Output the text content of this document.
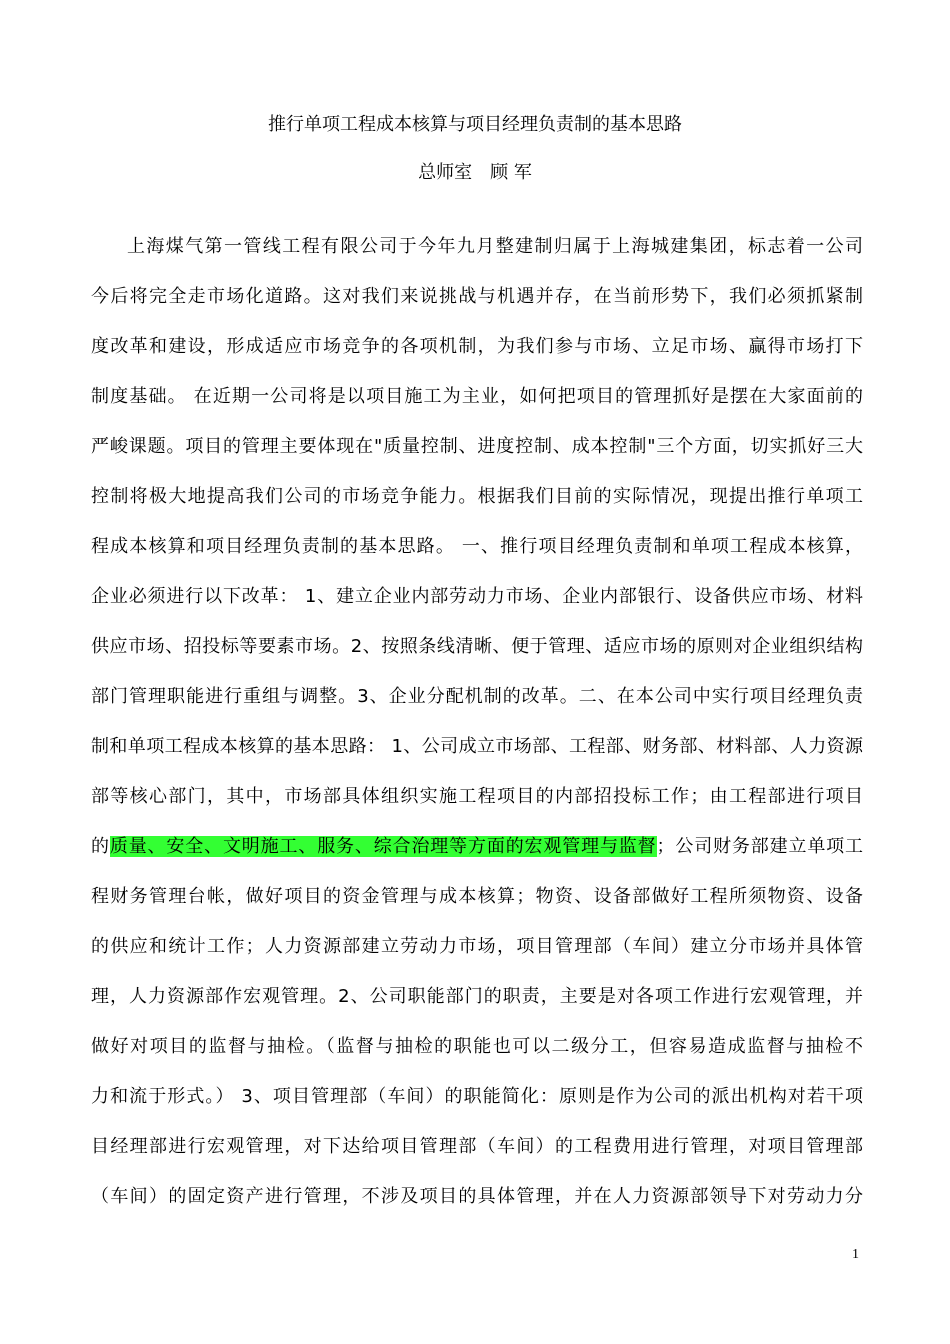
推行单项工程成本核算与项目经理负责制的基本思路
总师室　顾 军
上海煤气第一管线工程有限公司于今年九月整建制归属于上海城建集团，标志着一公司
今后将完全走市场化道路。这对我们来说挑战与机遇并存，在当前形势下，我们必须抓紧制
度改革和建设，形成适应市场竞争的各项机制，为我们参与市场、立足市场、赢得市场打下
制度基础。 在近期一公司将是以项目施工为主业，如何把项目的管理抓好是摆在大家面前的
严峻课题。项目的管理主要体现在"质量控制、进度控制、成本控制"三个方面，切实抓好三大
控制将极大地提高我们公司的市场竞争能力。根据我们目前的实际情况，现提出推行单项工
程成本核算和项目经理负责制的基本思路。 一、推行项目经理负责制和单项工程成本核算，
企业必须进行以下改革： 1、建立企业内部劳动力市场、企业内部银行、设备供应市场、材料
供应市场、招投标等要素市场。2、按照条线清晰、便于管理、适应市场的原则对企业组织结构
部门管理职能进行重组与调整。3、企业分配机制的改革。二、在本公司中实行项目经理负责
制和单项工程成本核算的基本思路： 1、公司成立市场部、工程部、财务部、材料部、人力资源
部等核心部门，其中，市场部具体组织实施工程项目的内部招投标工作；由工程部进行项目
的质量、安全、文明施工、服务、综合治理等方面的宏观管理与监督；公司财务部建立单项工
程财务管理台帐，做好项目的资金管理与成本核算；物资、设备部做好工程所须物资、设备
的供应和统计工作；人力资源部建立劳动力市场，项目管理部（车间）建立分市场并具体管
理，人力资源部作宏观管理。2、公司职能部门的职责，主要是对各项工作进行宏观管理，并
做好对项目的监督与抽检。（监督与抽检的职能也可以二级分工，但容易造成监督与抽检不
力和流于形式。） 3、项目管理部（车间）的职能简化：原则是作为公司的派出机构对若干项
目经理部进行宏观管理，对下达给项目管理部（车间）的工程费用进行管理，对项目管理部
（车间）的固定资产进行管理，不涉及项目的具体管理，并在人力资源部领导下对劳动力分
1
